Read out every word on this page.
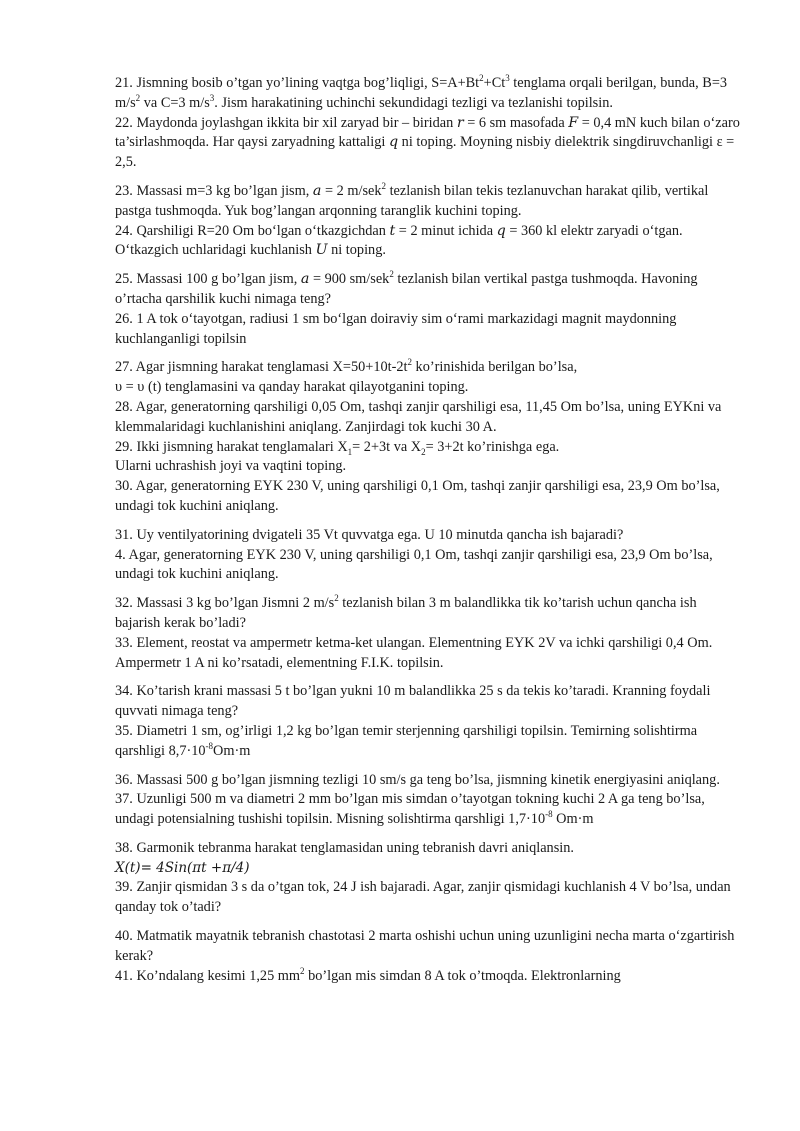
21. Jismning bosib o’tgan yo’lining vaqtga bog’liqligi, $S=A+Bt^2+Ct^3$ tenglama orqali berilgan, bunda, B=3 $m/s^2$ va C=3 $m/s^3$. Jism harakatining uchinchi sekundidagi tezligi va tezlanishi topilsin.

22. Maydonda joylashgan ikkita bir xil zaryad bir – biridan 𝑟 = 6 sm masofada 𝐹 = 0,4 mN kuch bilan o‘zaro ta’sirlashmoqda. Har qaysi zaryadning kattaligi 𝑞 ni toping. Moyning nisbiy dielektrik singdiruvchanligi ε = 2,5.

23. Massasi m=3 kg bo’lgan jism, 𝑎 = 2 m/sek$^2$ tezlanish bilan tekis tezlanuvchan harakat qilib, vertikal pastga tushmoqda. Yuk bog’langan arqonning taranglik kuchini toping.

24. Qarshiligi R=20 Om bo‘lgan o‘tkazgichdan 𝑡 = 2 minut ichida 𝑞 = 360 kl elektr zaryadi o‘tgan. O‘tkazgich uchlaridagi kuchlanish 𝑈 ni toping.

25. Massasi 100 g bo’lgan jism, 𝑎 = 900 sm/sek$^2$ tezlanish bilan vertikal pastga tushmoqda. Havoning o’rtacha qarshilik kuchi nimaga teng?

26. 1 A tok o‘tayotgan, radiusi 1 sm bo‘lgan doiraviy sim o‘rami markazidagi magnit maydonning kuchlanganligi topilsin

27. Agar jismning harakat tenglamasi $X=50+10t-2t^2$ ko’rinishida berilgan bo’lsa,

υ = υ (t) tenglamasini va qanday harakat qilayotganini toping.

28. Agar, generatorning qarshiligi 0,05 Om, tashqi zanjir qarshiligi esa, 11,45 Om bo’lsa, uning EYKni va klemmalaridagi kuchlanishini aniqlang. Zanjirdagi tok kuchi 30 A.

29. Ikki jismning harakat tenglamalari $X_1= 2+3t$ va $X_2= 3+2t$ ko’rinishga ega.

Ularni uchrashish joyi va vaqtini toping.

30. Agar, generatorning EYK 230 V, uning qarshiligi 0,1 Om, tashqi zanjir qarshiligi esa, 23,9 Om bo’lsa, undagi tok kuchini aniqlang.

31. Uy ventilyatorining dvigateli 35 Vt quvvatga ega. U 10 minutda qancha ish bajaradi?

4. Agar, generatorning EYK 230 V, uning qarshiligi 0,1 Om, tashqi zanjir qarshiligi esa, 23,9 Om bo’lsa, undagi tok kuchini aniqlang.

32. Massasi 3 kg bo’lgan Jismni 2 $m/s^2$ tezlanish bilan 3 m balandlikka tik ko’tarish uchun qancha ish bajarish kerak bo’ladi?

33. Element, reostat va ampermetr ketma-ket ulangan. Elementning EYK 2V va ichki qarshiligi 0,4 Om. Ampermetr 1 A ni ko’rsatadi, elementning F.I.K. topilsin.

34. Ko’tarish krani massasi 5 t bo’lgan yukni 10 m balandlikka 25 s da tekis ko’taradi. Kranning foydali quvvati nimaga teng?

35. Diametri 1 sm, og’irligi 1,2 kg bo’lgan temir sterjenning qarshiligi topilsin. Temirning solishtirma qarshligi $8,7\cdot 10^{-8}Om\cdot m$

36. Massasi 500 g bo’lgan jismning tezligi 10 sm/s ga teng bo’lsa, jismning kinetik energiyasini aniqlang.

37. Uzunligi 500 m va diametri 2 mm bo’lgan mis simdan o’tayotgan tokning kuchi 2 A ga teng bo’lsa, undagi potensialning tushishi topilsin. Misning solishtirma qarshligi $1,7\cdot 10^{-8}$ Om·m

38. Garmonik tebranma harakat tenglamasidan uning tebranish davri aniqlansin.

X(t)= 4Sin(πt +π/4)

39. Zanjir qismidan 3 s da o’tgan tok, 24 J ish bajaradi. Agar, zanjir qismidagi kuchlanish 4 V bo’lsa, undan qanday tok o’tadi?

40. Matmatik mayatnik tebranish chastotasi 2 marta oshishi uchun uning uzunligini necha marta o‘zgartirish kerak?

41. Ko’ndalang kesimi 1,25 $mm^2$ bo’lgan mis simdan 8 A tok o’tmoqda. Elektronlarning
